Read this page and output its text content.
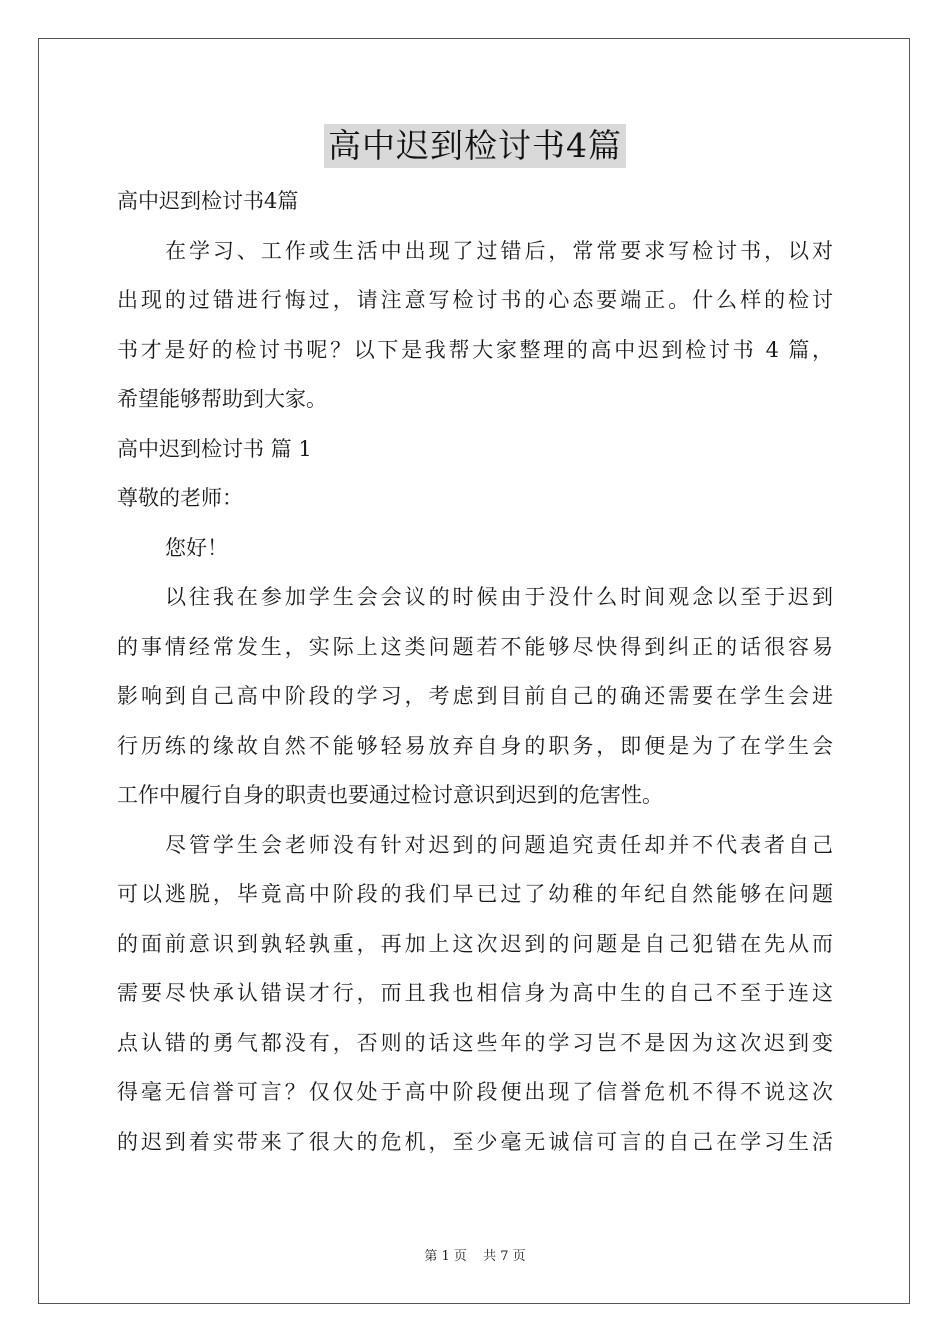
高中迟到检讨书4篇
高中迟到检讨书4篇
在学习、工作或生活中出现了过错后，常常要求写检讨书，以对
出现的过错进行悔过，请注意写检讨书的心态要端正。什么样的检讨
书才是好的检讨书呢？以下是我帮大家整理的高中迟到检讨书 4 篇，
希望能够帮助到大家。
高中迟到检讨书 篇 1
尊敬的老师：
您好！
以往我在参加学生会会议的时候由于没什么时间观念以至于迟到
的事情经常发生，实际上这类问题若不能够尽快得到纠正的话很容易
影响到自己高中阶段的学习，考虑到目前自己的确还需要在学生会进
行历练的缘故自然不能够轻易放弃自身的职务，即便是为了在学生会
工作中履行自身的职责也要通过检讨意识到迟到的危害性。
尽管学生会老师没有针对迟到的问题追究责任却并不代表者自己
可以逃脱，毕竟高中阶段的我们早已过了幼稚的年纪自然能够在问题
的面前意识到孰轻孰重，再加上这次迟到的问题是自己犯错在先从而
需要尽快承认错误才行，而且我也相信身为高中生的自己不至于连这
点认错的勇气都没有，否则的话这些年的学习岂不是因为这次迟到变
得毫无信誉可言？仅仅处于高中阶段便出现了信誉危机不得不说这次
的迟到着实带来了很大的危机，至少毫无诚信可言的自己在学习生活
第 1 页 共 7 页
